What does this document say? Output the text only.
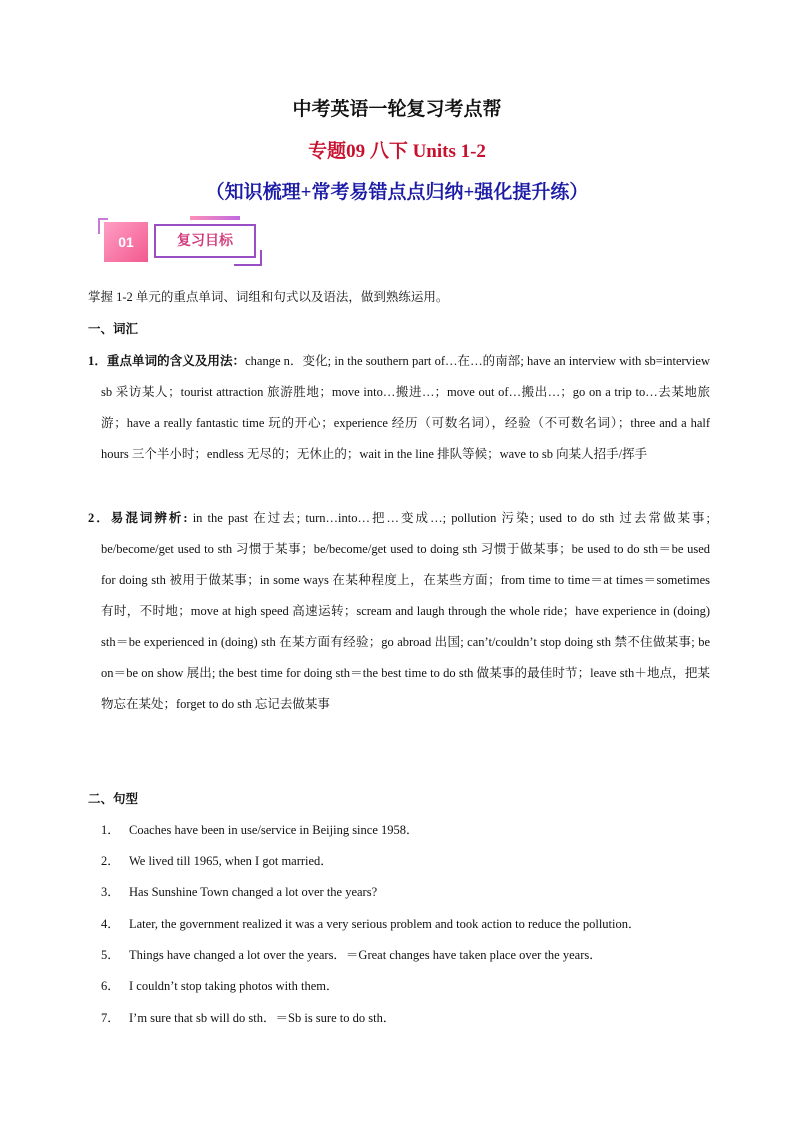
中考英语一轮复习考点帮
专题09 八下 Units 1-2
（知识梳理+常考易错点点归纳+强化提升练）
01	复习目标
掌握 1-2 单元的重点单词、词组和句式以及语法，做到熟练运用。
一、词汇
1．重点单词的含义及用法：change n．变化; in the southern part of…在…的南部; have an interview with sb=interview sb 采访某人；tourist attraction 旅游胜地；move into…搬进…；move out of…搬出…；go on a trip to…去某地旅游；have a really fantastic time 玩的开心；experience 经历（可数名词），经验（不可数名词）；three and a half hours 三个半小时；endless 无尽的；无休止的；wait in the line 排队等候；wave to sb 向某人招手/挥手
2．易混词辨析: in the past 在过去; turn…into…把…变成…; pollution 污染; used to do sth 过去常做某事; be/become/get used to sth 习惯于某事；be/become/get used to doing sth 习惯于做某事；be used to do sth＝be used for doing sth 被用于做某事；in some ways 在某种程度上，在某些方面；from time to time＝at times＝sometimes 有时，不时地；move at high speed 高速运转；scream and laugh through the whole ride；have experience in (doing) sth＝be experienced in (doing) sth 在某方面有经验；go abroad 出国; can’t/couldn’t stop doing sth 禁不住做某事; be on＝be on show 展出; the best time for doing sth＝the best time to do sth 做某事的最佳时节；leave sth＋地点，把某物忘在某处；forget to do sth 忘记去做某事
二、句型
1． Coaches have been in use/service in Beijing since 1958．
2． We lived till 1965, when I got married．
3． Has Sunshine Town changed a lot over the years?
4． Later, the government realized it was a very serious problem and took action to reduce the pollution．
5． Things have changed a lot over the years．＝Great changes have taken place over the years．
6． I couldn’t stop taking photos with them．
7． I’m sure that sb will do sth．＝Sb is sure to do sth．
